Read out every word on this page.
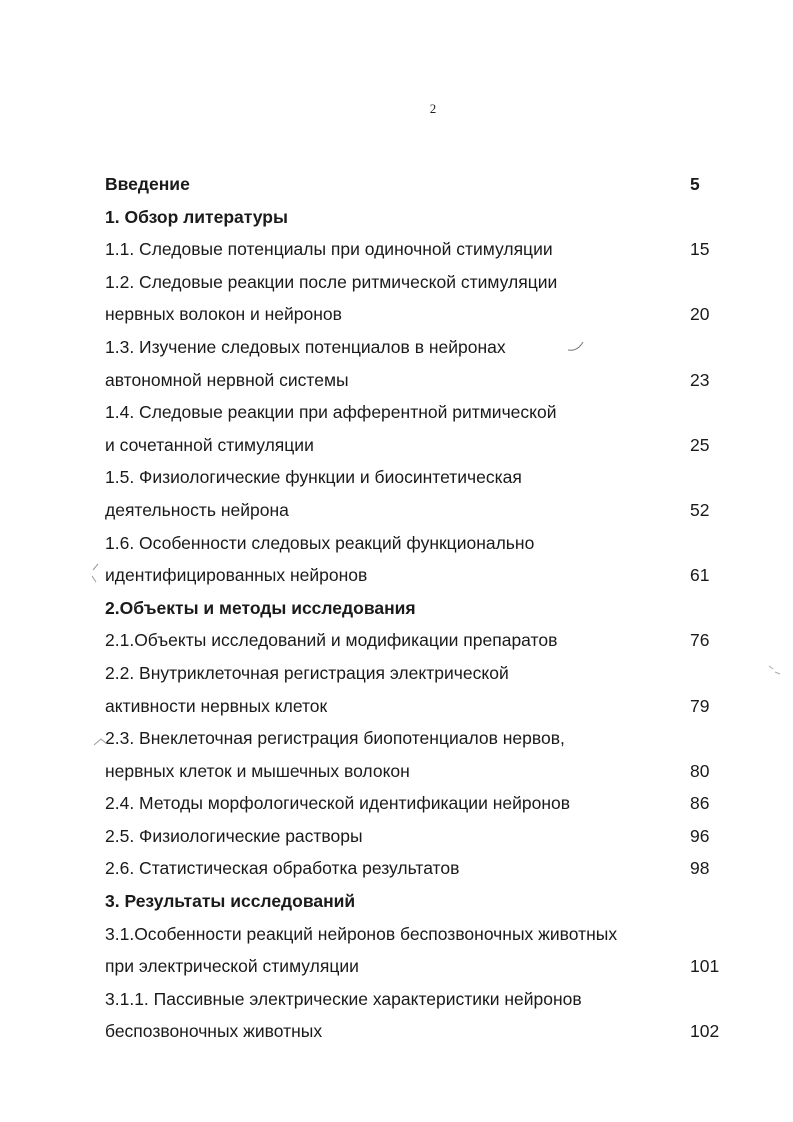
2
Введение	5
1. Обзор литературы
1.1. Следовые потенциалы при одиночной стимуляции	15
1.2. Следовые реакции после ритмической стимуляции
нервных волокон и нейронов	20
1.3. Изучение следовых потенциалов в нейронах
автономной нервной системы	23
1.4. Следовые реакции при афферентной ритмической
и сочетанной стимуляции	25
1.5. Физиологические функции и биосинтетическая
деятельность нейрона	52
1.6. Особенности следовых реакций функционально
идентифицированных нейронов	61
2.Объекты и методы исследования
2.1.Объекты исследований и модификации препаратов	76
2.2. Внутриклеточная регистрация электрической
активности нервных клеток	79
2.3. Внеклеточная регистрация биопотенциалов нервов,
нервных клеток и мышечных волокон	80
2.4. Методы морфологической идентификации нейронов	86
2.5. Физиологические растворы	96
2.6. Статистическая обработка результатов	98
3. Результаты исследований
3.1.Особенности реакций нейронов беспозвоночных животных
при электрической стимуляции	101
3.1.1. Пассивные электрические характеристики нейронов
беспозвоночных животных	102
